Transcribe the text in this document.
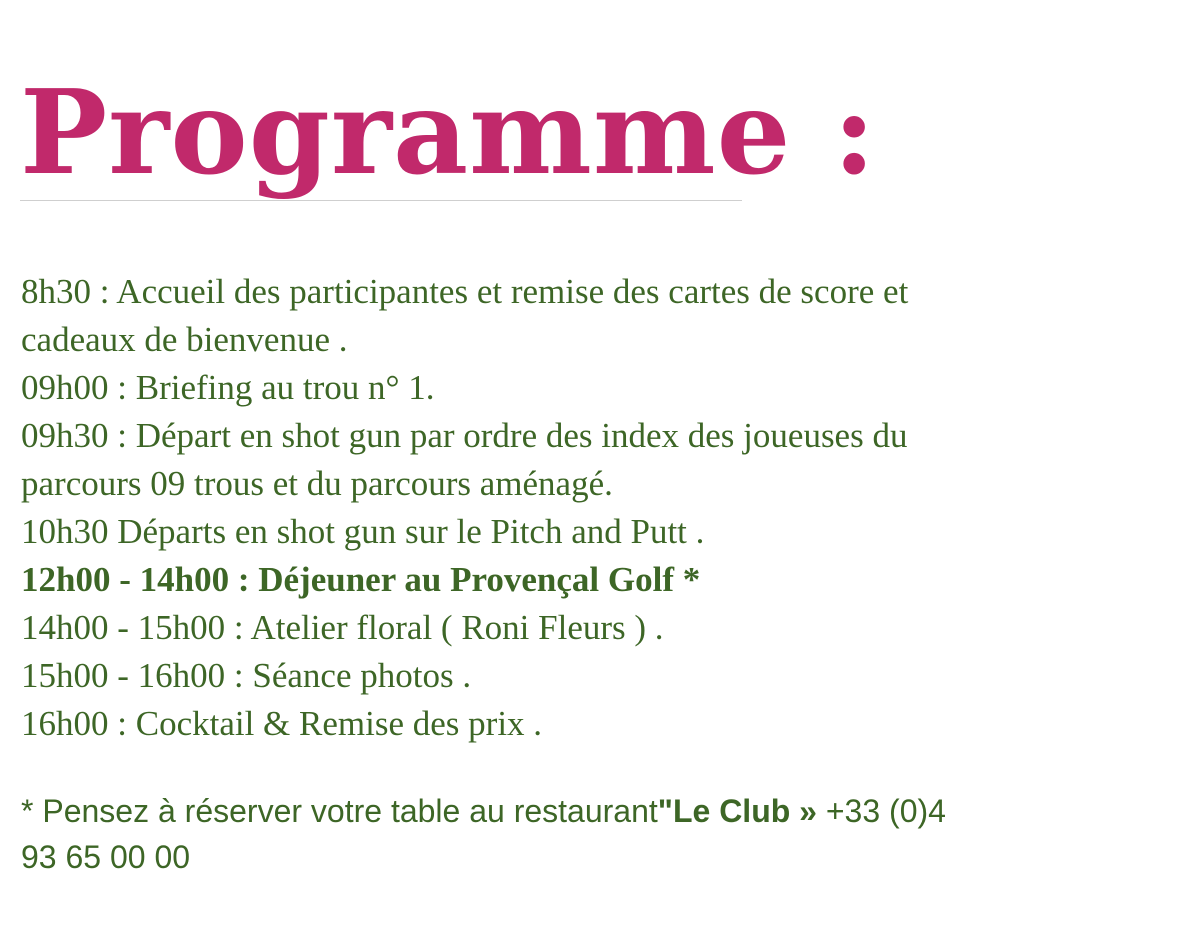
Programme :
8h30 : Accueil des participantes et remise des cartes de score et
cadeaux de bienvenue .
09h00 : Briefing au trou n° 1.
09h30 : Départ en shot gun par ordre des index des joueuses du
parcours 09 trous et du parcours aménagé.
10h30 Départs en shot gun sur le Pitch and Putt .
12h00 - 14h00 : Déjeuner au Provençal Golf *
14h00 - 15h00 : Atelier floral ( Roni Fleurs ) .
15h00 - 16h00 : Séance photos .
16h00 : Cocktail & Remise des prix .
* Pensez à réserver votre table au restaurant"Le Club » +33 (0)4
93 65 00 00
